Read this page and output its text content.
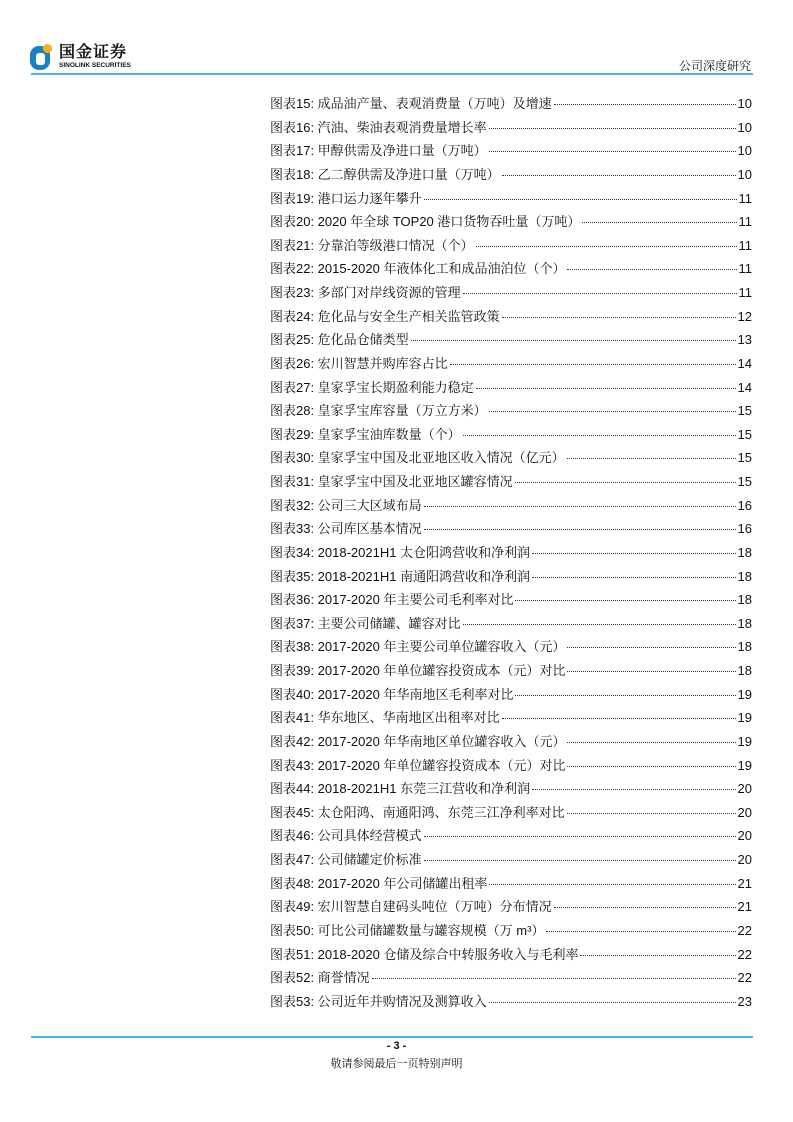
国金证券
SINOLINK SECURITIES	公司深度研究
图表15: 成品油产量、表观消费量（万吨）及增速	10
图表16: 汽油、柴油表观消费量增长率	10
图表17: 甲醇供需及净进口量（万吨）	10
图表18: 乙二醇供需及净进口量（万吨）	10
图表19: 港口运力逐年攀升	11
图表20: 2020 年全球 TOP20 港口货物吞吐量（万吨）	11
图表21: 分靠泊等级港口情况（个）	11
图表22: 2015-2020 年液体化工和成品油泊位（个）	11
图表23: 多部门对岸线资源的管理	11
图表24: 危化品与安全生产相关监管政策	12
图表25: 危化品仓储类型	13
图表26: 宏川智慧并购库容占比	14
图表27: 皇家孚宝长期盈利能力稳定	14
图表28: 皇家孚宝库容量（万立方米）	15
图表29: 皇家孚宝油库数量（个）	15
图表30: 皇家孚宝中国及北亚地区收入情况（亿元）	15
图表31: 皇家孚宝中国及北亚地区罐容情况	15
图表32: 公司三大区域布局	16
图表33: 公司库区基本情况	16
图表34: 2018-2021H1 太仓阳鸿营收和净利润	18
图表35: 2018-2021H1 南通阳鸿营收和净利润	18
图表36: 2017-2020 年主要公司毛利率对比	18
图表37: 主要公司储罐、罐容对比	18
图表38: 2017-2020 年主要公司单位罐容收入（元）	18
图表39: 2017-2020 年单位罐容投资成本（元）对比	18
图表40: 2017-2020 年华南地区毛利率对比	19
图表41: 华东地区、华南地区出租率对比	19
图表42: 2017-2020 年华南地区单位罐容收入（元）	19
图表43: 2017-2020 年单位罐容投资成本（元）对比	19
图表44: 2018-2021H1 东莞三江营收和净利润	20
图表45: 太仓阳鸿、南通阳鸿、东莞三江净利率对比	20
图表46: 公司具体经营模式	20
图表47: 公司储罐定价标准	20
图表48: 2017-2020 年公司储罐出租率	21
图表49: 宏川智慧自建码头吨位（万吨）分布情况	21
图表50: 可比公司储罐数量与罐容规模（万 m³）	22
图表51: 2018-2020 仓储及综合中转服务收入与毛利率	22
图表52: 商誉情况	22
图表53: 公司近年并购情况及测算收入	23
- 3 -
敬请参阅最后一页特别声明
